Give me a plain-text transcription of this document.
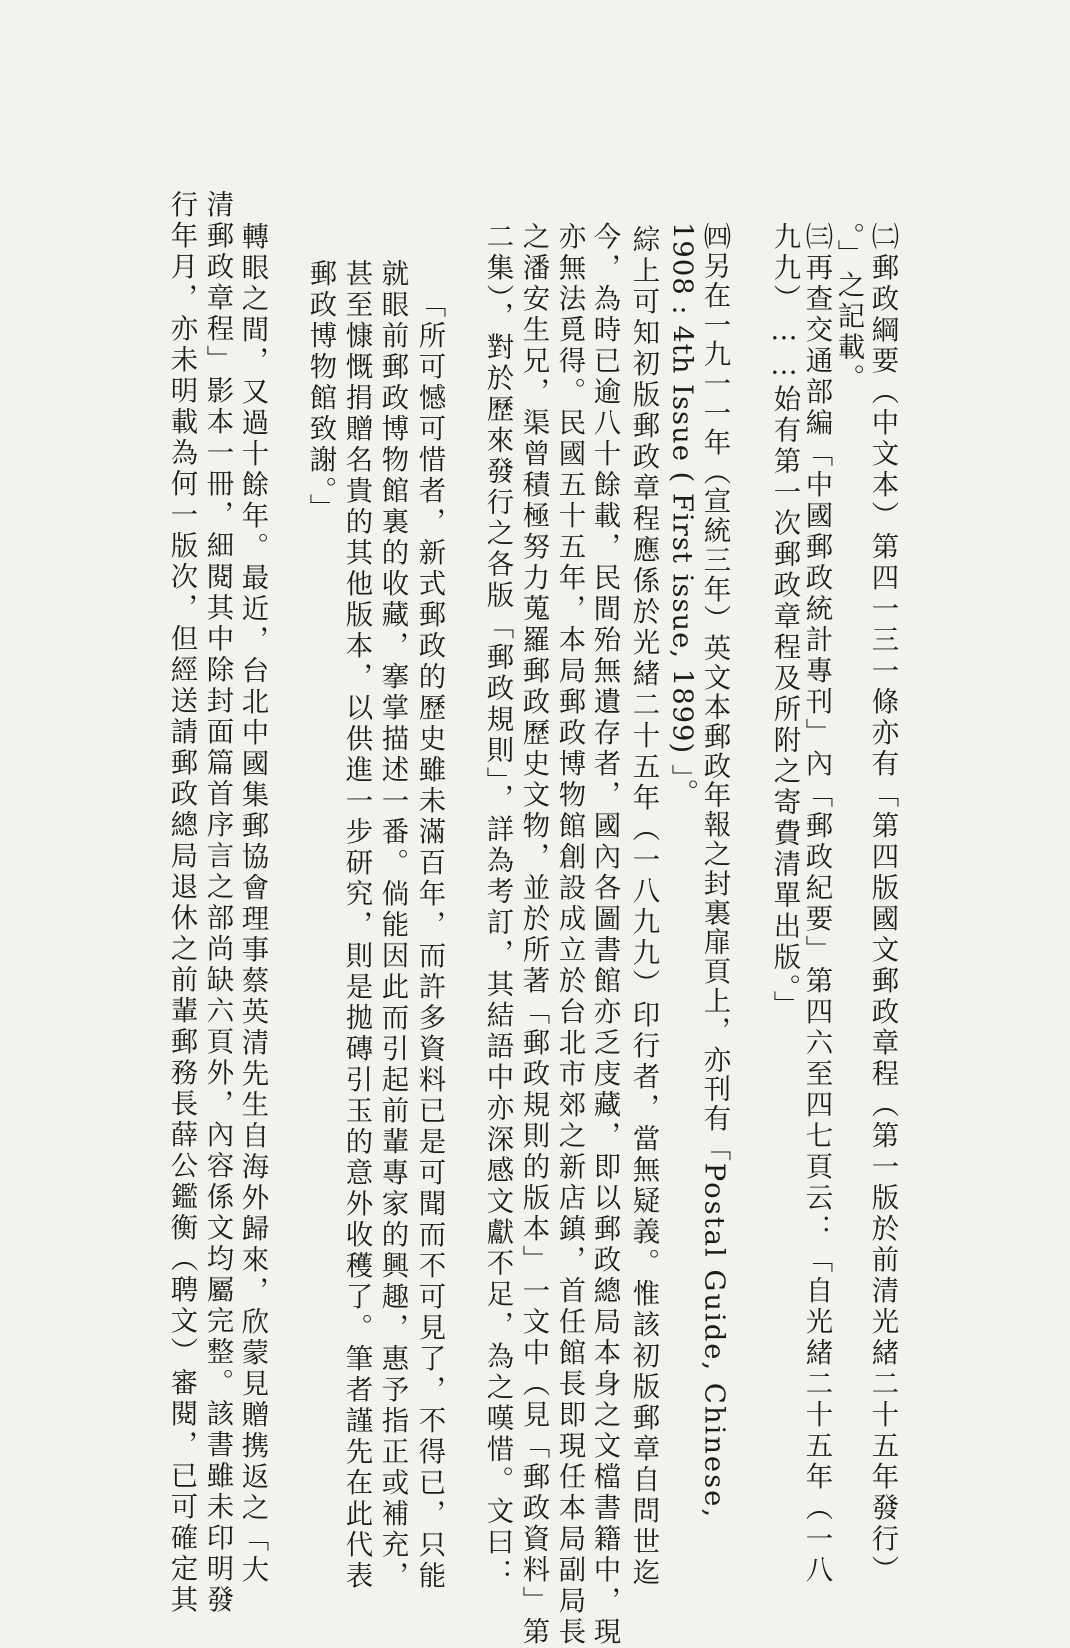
㈡郵政綱要（中文本）第四一三一條亦有「第四版國文郵政章程（第一版於前清光緒二十五年發行）
。」之記載。
㈢再查交通部編「中國郵政統計專刊」內「郵政紀要」第四六至四七頁云：「自光緒二十五年（一八
九九）……始有第一次郵政章程及所附之寄費清單出版。」
㈣另在一九一一年（宣統三年）英文本郵政年報之封裏扉頁上，亦刊有「Postal Guide, Chinese,
1908 : 4th Issue ( First issue, 1899) 」。
綜上可知初版郵政章程應係於光緒二十五年（一八九九）印行者，當無疑義。惟該初版郵章自問世迄
今，為時已逾八十餘載，民間殆無遺存者，國內各圖書館亦乏庋藏，即以郵政總局本身之文檔書籍中，現
亦無法覓得。民國五十五年，本局郵政博物館創設成立於台北市郊之新店鎮，首任館長即現任本局副局長
之潘安生兄，渠曾積極努力蒐羅郵政歷史文物，並於所著「郵政規則的版本」一文中（見「郵政資料」第
二集），對於歷來發行之各版「郵政規則」，詳為考訂，其結語中亦深感文獻不足，為之嘆惜。文曰：
「所可憾可惜者，新式郵政的歷史雖未滿百年，而許多資料已是可聞而不可見了，不得已，只能
就眼前郵政博物館裏的收藏，搴掌描述一番。倘能因此而引起前輩專家的興趣，惠予指正或補充，
甚至慷慨捐贈名貴的其他版本，以供進一步研究，則是拋磚引玉的意外收穫了。筆者謹先在此代表
郵政博物館致謝。」
轉眼之間，又過十餘年。最近，台北中國集郵協會理事蔡英清先生自海外歸來，欣蒙見贈携返之「大
清郵政章程」影本一冊，細閱其中除封面篇首序言之部尚缺六頁外，內容係文均屬完整。該書雖未印明發
行年月，亦未明載為何一版次，但經送請郵政總局退休之前輩郵務長薛公鑑衡（聘文）審閱，已可確定其
